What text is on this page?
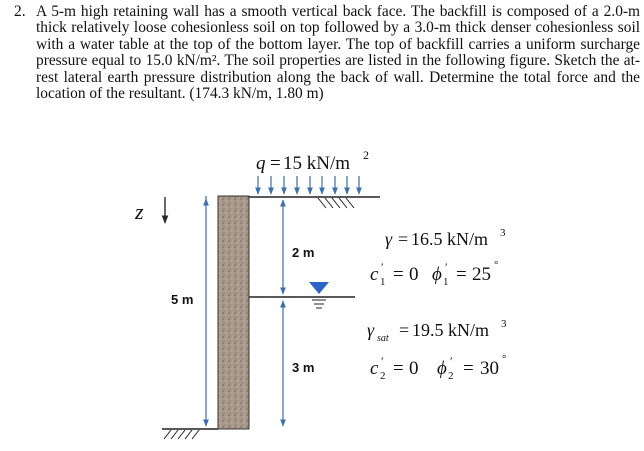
2. A 5-m high retaining wall has a smooth vertical back face. The backfill is composed of a 2.0-m thick relatively loose cohesionless soil on top followed by a 3.0-m thick denser cohesionless soil with a water table at the top of the bottom layer. The top of backfill carries a uniform surcharge pressure equal to 15.0 kN/m². The soil properties are listed in the following figure. Sketch the at-rest lateral earth pressure distribution along the back of wall. Determine the total force and the location of the resultant. (174.3 kN/m, 1.80 m)
q = 15 kN/m 2
z
5 m
2 m
3 m
γ = 16.5 kN/m 3
c ′
1 = 0 ϕ ′
1 = 25 °
γ sat = 19.5 kN/m 3
c ′
2 = 0 ϕ ′
2 = 30 °
